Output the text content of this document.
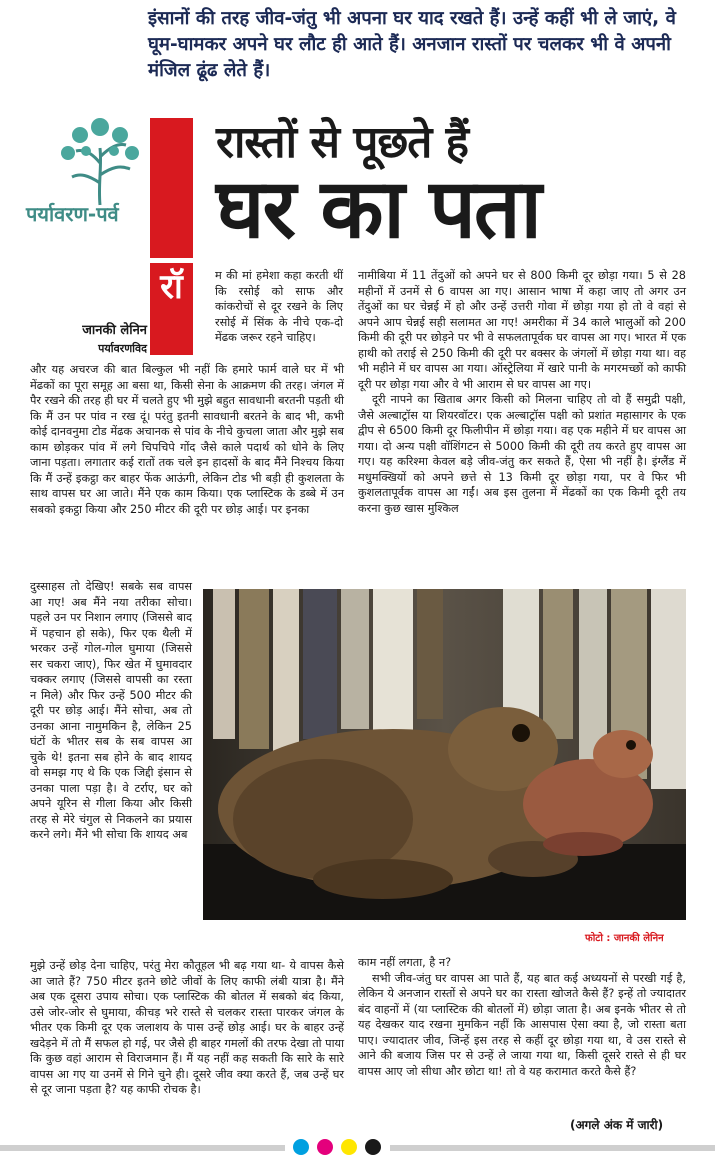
इंसानों की तरह जीव-जंतु भी अपना घर याद रखते हैं। उन्हें कहीं भी ले जाएं, वे घूम-घामकर अपने घर लौट ही आते हैं। अनजान रास्तों पर चलकर भी वे अपनी मंजिल ढूंढ लेते हैं।
पर्यावरण-पर्व
रास्तों से पूछते हैं
घर का पता
रॉ
जानकी लेनिन
पर्यावरणविद
म की मां हमेशा कहा करती थीं कि रसोई को साफ और कांकरोचों से दूर रखने के लिए रसोई में सिंक के नीचे एक-दो मेंढक जरूर रहने चाहिए।
और यह अचरज की बात बिल्कुल भी नहीं कि हमारे फार्म वाले घर में भी मेंढकों का पूरा समूह आ बसा था, किसी सेना के आक्रमण की तरह। जंगल में पैर रखने की तरह ही घर में चलते हुए भी मुझे बहुत सावधानी बरतनी पड़ती थी कि मैं उन पर पांव न रख दूं। परंतु इतनी सावधानी बरतने के बाद भी, कभी कोई दानवनुमा टोड मेंढक अचानक से पांव के नीचे कुचला जाता और मुझे सब काम छोड़कर पांव में लगे चिपचिपे गोंद जैसे काले पदार्थ को धोने के लिए जाना पड़ता। लगातार कई रातों तक चले इन हादसों के बाद मैंने निश्चय किया कि मैं उन्हें इकट्ठा कर बाहर फेंक आऊंगी, लेकिन टोड भी बड़ी ही कुशलता के साथ वापस घर आ जाते। मैंने एक काम किया। एक प्लास्टिक के डब्बे में उन सबको इकट्ठा किया और 250 मीटर की दूरी पर छोड़ आई। पर इनका
दुस्साहस तो देखिए! सबके सब वापस आ गए! अब मैंने नया तरीका सोचा। पहले उन पर निशान लगाए (जिससे बाद में पहचान हो सके), फिर एक थैली में भरकर उन्हें गोल-गोल घुमाया (जिससे सर चकरा जाए), फिर खेत में घुमावदार चक्कर लगाए (जिससे वापसी का रस्ता न मिले) और फिर उन्हें 500 मीटर की दूरी पर छोड़ आई। मैंने सोचा, अब तो उनका आना नामुमकिन है, लेकिन 25 घंटों के भीतर सब के सब वापस आ चुके थे! इतना सब होने के बाद शायद वो समझ गए थे कि एक जिद्दी इंसान से उनका पाला पड़ा है। वे टर्राए, घर को अपने यूरिन से गीला किया और किसी तरह से मेरे चंगुल से निकलने का प्रयास करने लगे। मैंने भी सोचा कि शायद अब
मुझे उन्हें छोड़ देना चाहिए, परंतु मेरा कौतूहल भी बढ़ गया था- ये वापस कैसे आ जाते हैं? 750 मीटर इतने छोटे जीवों के लिए काफी लंबी यात्रा है। मैंने अब एक दूसरा उपाय सोचा। एक प्लास्टिक की बोतल में सबको बंद किया, उसे जोर-जोर से घुमाया, कीचड़ भरे रास्ते से चलकर रास्ता पारकर जंगल के भीतर एक किमी दूर एक जलाशय के पास उन्हें छोड़ आई। घर के बाहर उन्हें खदेड़ने में तो मैं सफल हो गई, पर जैसे ही बाहर गमलों की तरफ देखा तो पाया कि कुछ वहां आराम से विराजमान हैं। मैं यह नहीं कह सकती कि सारे के सारे वापस आ गए या उनमें से गिने चुने ही। दूसरे जीव क्या करते हैं, जब उन्हें घर से दूर जाना पड़ता है? यह काफी रोचक है।
नामीबिया में 11 तेंदुओं को अपने घर से 800 किमी दूर छोड़ा गया। 5 से 28 महीनों में उनमें से 6 वापस आ गए। आसान भाषा में कहा जाए तो अगर उन तेंदुओं का घर चेन्नई में हो और उन्हें उत्तरी गोवा में छोड़ा गया हो तो वे वहां से अपने आप चेन्नई सही सलामत आ गए! अमरीका में 34 काले भालुओं को 200 किमी की दूरी पर छोड़ने पर भी वे सफलतापूर्वक घर वापस आ गए। भारत में एक हाथी को तराई से 250 किमी की दूरी पर बक्सर के जंगलों में छोड़ा गया था। वह भी महीने में घर वापस आ गया। ऑस्ट्रेलिया में खारे पानी के मगरमच्छों को काफी दूरी पर छोड़ा गया और वे भी आराम से घर वापस आ गए।
दूरी नापने का खिताब अगर किसी को मिलना चाहिए तो वो हैं समुद्री पक्षी, जैसे अल्बाट्रॉस या शियरवॉटर। एक अल्बाट्रॉस पक्षी को प्रशांत महासागर के एक द्वीप से 6500 किमी दूर फिलीपीन में छोड़ा गया। वह एक महीने में घर वापस आ गया। दो अन्य पक्षी वॉशिंगटन से 5000 किमी की दूरी तय करते हुए वापस आ गए। यह करिश्मा केवल बड़े जीव-जंतु कर सकते हैं, ऐसा भी नहीं है। इंग्लैंड में मधुमक्खियों को अपने छत्ते से 13 किमी दूर छोड़ा गया, पर वे फिर भी कुशलतापूर्वक वापस आ गईं। अब इस तुलना में मेंढकों का एक किमी दूरी तय करना कुछ खास मुश्किल
फोटो : जानकी लेनिन
काम नहीं लगता, है न?
सभी जीव-जंतु घर वापस आ पाते हैं, यह बात कई अध्ययनों से परखी गई है, लेकिन ये अनजान रास्तों से अपने घर का रास्ता खोजते कैसे हैं? इन्हें तो ज्यादातर बंद वाहनों में (या प्लास्टिक की बोतलों में) छोड़ा जाता है। अब इनके भीतर से तो यह देखकर याद रखना मुमकिन नहीं कि आसपास ऐसा क्या है, जो रास्ता बता पाए। ज्यादातर जीव, जिन्हें इस तरह से कहीं दूर छोड़ा गया था, वे उस रास्ते से आने की बजाय जिस पर से उन्हें ले जाया गया था, किसी दूसरे रास्ते से ही घर वापस आए जो सीधा और छोटा था! तो वे यह करामात करते कैसे हैं?
(अगले अंक में जारी)
